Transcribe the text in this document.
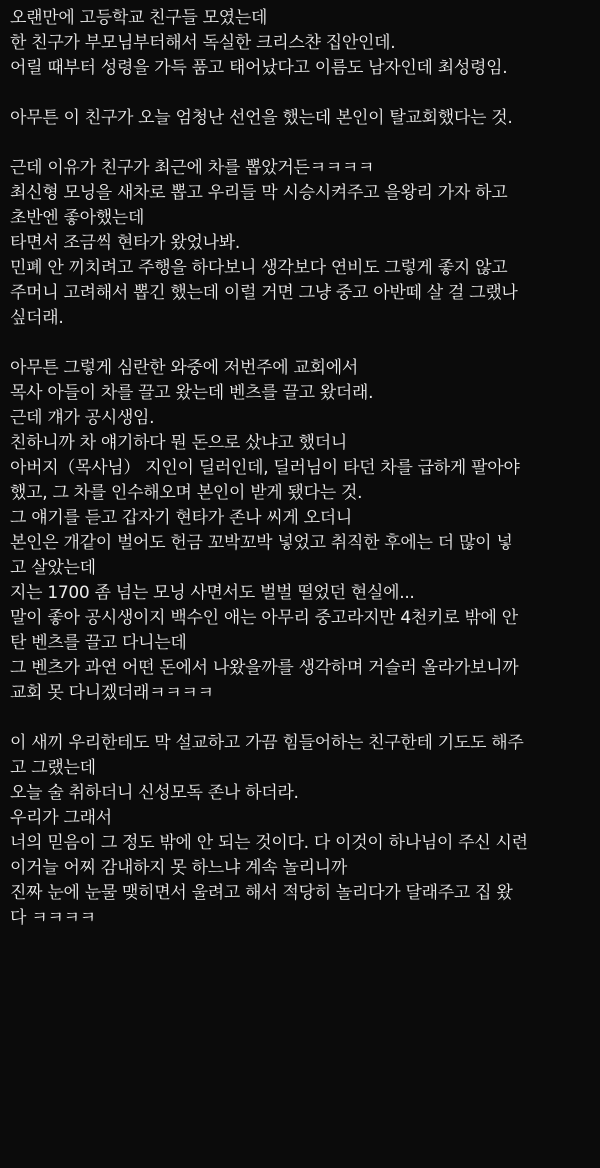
오랜만에 고등학교 친구들 모였는데
한 친구가 부모님부터해서 독실한 크리스챤 집안인데.
어릴 때부터 성령을 가득 품고 태어났다고 이름도 남자인데 최성령임.
아무튼 이 친구가 오늘 엄청난 선언을 했는데 본인이 탈교회했다는 것.
근데 이유가 친구가 최근에 차를 뽑았거든ㅋㅋㅋㅋ
최신형 모닝을 새차로 뽑고 우리들 막 시승시켜주고 을왕리 가자 하고
초반엔 좋아했는데
타면서 조금씩 현타가 왔었나봐.
민폐 안 끼치려고 주행을 하다보니 생각보다 연비도 그렇게 좋지 않고
주머니 고려해서 뽑긴 했는데 이럴 거면 그냥 중고 아반떼 살 걸 그랬나
싶더래.
아무튼 그렇게 심란한 와중에 저번주에 교회에서
목사 아들이 차를 끌고 왔는데 벤츠를 끌고 왔더래.
근데 걔가 공시생임.
친하니까 차 얘기하다 뭔 돈으로 샀냐고 했더니
아버지（목사님） 지인이 딜러인데, 딜러님이 타던 차를 급하게 팔아야
했고, 그 차를 인수해오며 본인이 받게 됐다는 것.
그 얘기를 듣고 갑자기 현타가 존나 씨게 오더니
본인은 개같이 벌어도 헌금 꼬박꼬박 넣었고 취직한 후에는 더 많이 넣
고 살았는데
지는 1700 좀 넘는 모닝 사면서도 벌벌 떨었던 현실에...
말이 좋아 공시생이지 백수인 애는 아무리 중고라지만 4천키로 밖에 안
탄 벤츠를 끌고 다니는데
그 벤츠가 과연 어떤 돈에서 나왔을까를 생각하며 거슬러 올라가보니까
교회 못 다니겠더래ㅋㅋㅋㅋ
이 새끼 우리한테도 막 설교하고 가끔 힘들어하는 친구한테 기도도 해주
고 그랬는데
오늘 술 취하더니 신성모독 존나 하더라.
우리가 그래서
너의 믿음이 그 정도 밖에 안 되는 것이다. 다 이것이 하나님이 주신 시련
이거늘 어찌 감내하지 못 하느냐 계속 놀리니까
진짜 눈에 눈물 맺히면서 울려고 해서 적당히 놀리다가 달래주고 집 왔
다 ㅋㅋㅋㅋ
